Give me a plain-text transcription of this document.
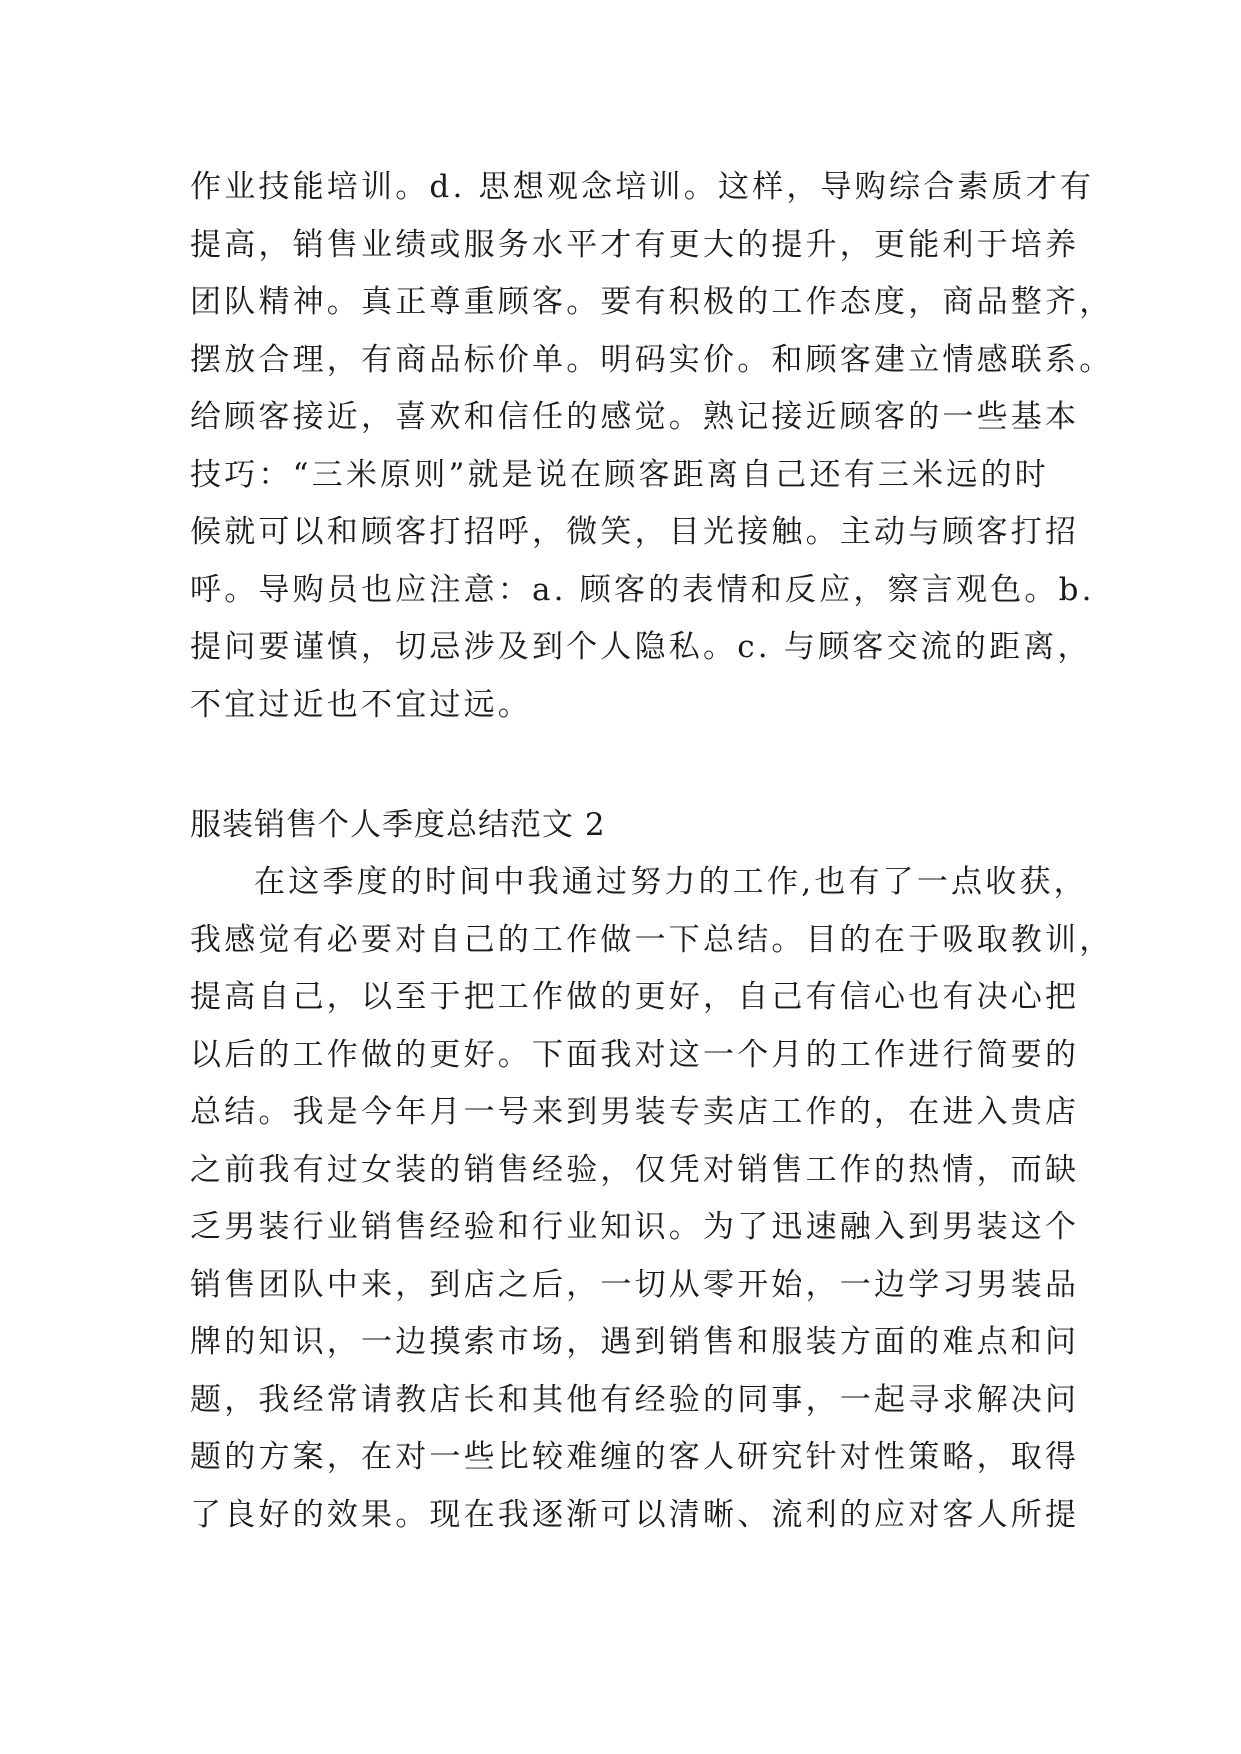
作业技能培训。d. 思想观念培训。这样，导购综合素质才有
提高，销售业绩或服务水平才有更大的提升，更能利于培养
团队精神。真正尊重顾客。要有积极的工作态度，商品整齐，
摆放合理，有商品标价单。明码实价。和顾客建立情感联系。
给顾客接近，喜欢和信任的感觉。熟记接近顾客的一些基本
技巧：“三米原则”就是说在顾客距离自己还有三米远的时
候就可以和顾客打招呼，微笑，目光接触。主动与顾客打招
呼。导购员也应注意：a. 顾客的表情和反应，察言观色。b.
提问要谨慎，切忌涉及到个人隐私。c. 与顾客交流的距离，
不宜过近也不宜过远。
服装销售个人季度总结范文 2
在这季度的时间中我通过努力的工作,也有了一点收获，
我感觉有必要对自己的工作做一下总结。目的在于吸取教训，
提高自己，以至于把工作做的更好，自己有信心也有决心把
以后的工作做的更好。下面我对这一个月的工作进行简要的
总结。我是今年月一号来到男装专卖店工作的，在进入贵店
之前我有过女装的销售经验，仅凭对销售工作的热情，而缺
乏男装行业销售经验和行业知识。为了迅速融入到男装这个
销售团队中来，到店之后，一切从零开始，一边学习男装品
牌的知识，一边摸索市场，遇到销售和服装方面的难点和问
题，我经常请教店长和其他有经验的同事，一起寻求解决问
题的方案，在对一些比较难缠的客人研究针对性策略，取得
了良好的效果。现在我逐渐可以清晰、流利的应对客人所提
